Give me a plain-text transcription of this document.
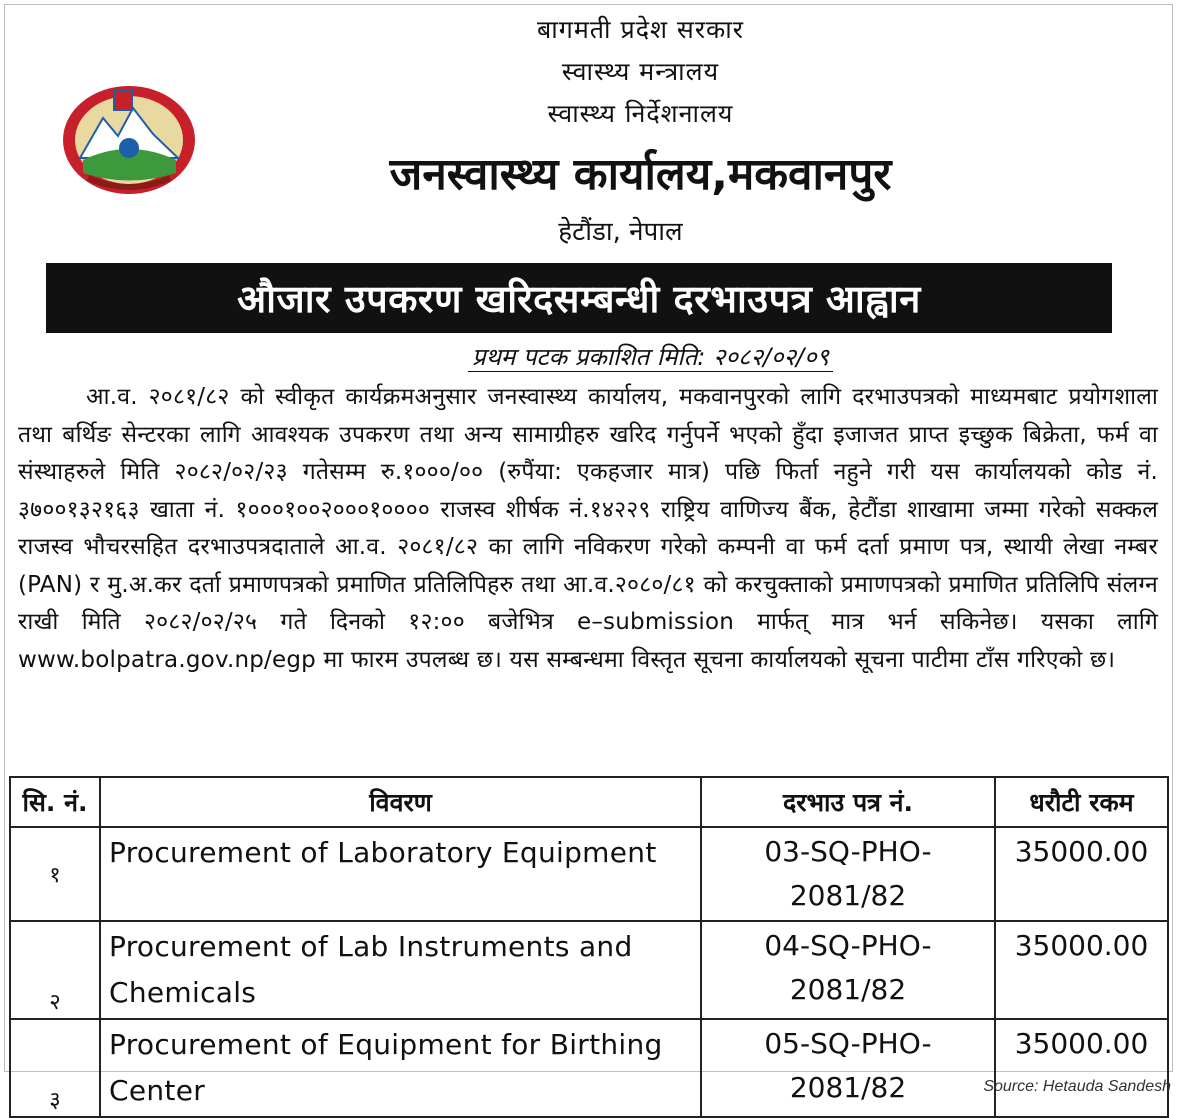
बागमती प्रदेश सरकार
स्वास्थ्य मन्त्रालय
स्वास्थ्य निर्देशनालय
जनस्वास्थ्य कार्यालय,मकवानपुर
हेटौंडा, नेपाल
औजार उपकरण खरिदसम्बन्धी दरभाउपत्र आह्वान
प्रथम पटक प्रकाशित मिति: २०८२/०२/०९
आ.व. २०८१/८२ को स्वीकृत कार्यक्रमअनुसार जनस्वास्थ्य कार्यालय, मकवानपुरको लागि दरभाउपत्रको माध्यमबाट प्रयोगशाला तथा बर्थिङ सेन्टरका लागि आवश्यक उपकरण तथा अन्य सामाग्रीहरु खरिद गर्नुपर्ने भएको हुँदा इजाजत प्राप्त इच्छुक बिक्रेता, फर्म वा संस्थाहरुले मिति २०८२/०२/२३ गतेसम्म रु.१०००/०० (रुपैंया: एकहजार मात्र) पछि फिर्ता नहुने गरी यस कार्यालयको कोड नं. ३७००१३२१६३ खाता नं. १०००१००२०००१०००० राजस्व शीर्षक नं.१४२२९ राष्ट्रिय वाणिज्य बैंक, हेटौंडा शाखामा जम्मा गरेको सक्कल राजस्व भौचरसहित दरभाउपत्रदाताले आ.व. २०८१/८२ का लागि नविकरण गरेको कम्पनी वा फर्म दर्ता प्रमाण पत्र, स्थायी लेखा नम्बर (PAN) र मु.अ.कर दर्ता प्रमाणपत्रको प्रमाणित प्रतिलिपिहरु तथा आ.व.२०८०/८१ को करचुक्ताको प्रमाणपत्रको प्रमाणित प्रतिलिपि संलग्न राखी मिति २०८२/०२/२५ गते दिनको १२:०० बजेभित्र e–submission मार्फत् मात्र भर्न सकिनेछ। यसका लागि www.bolpatra.gov.np/egp मा फारम उपलब्ध छ। यस सम्बन्धमा विस्तृत सूचना कार्यालयको सूचना पाटीमा टाँस गरिएको छ।
सि. नं.	विवरण	दरभाउ पत्र नं.	धरौटी रकम
१	Procurement of Laboratory Equipment	03-SQ-PHO-2081/82	35000.00
२	Procurement of Lab Instruments and Chemicals	04-SQ-PHO-2081/82	35000.00
३	Procurement of Equipment for Birthing Center	05-SQ-PHO-2081/82	35000.00
Source: Hetauda Sandesh
